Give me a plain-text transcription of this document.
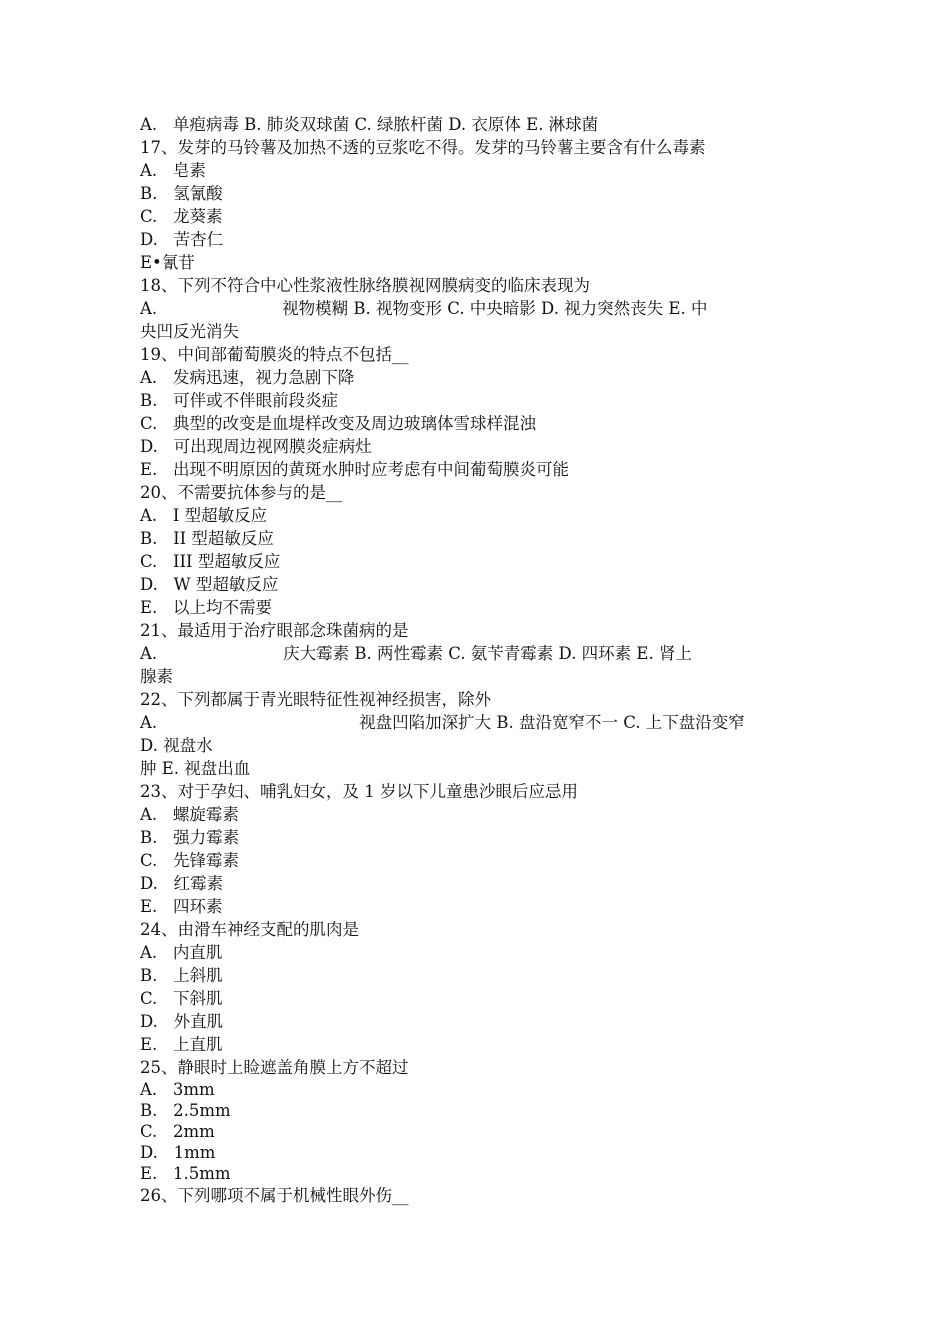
A.   单疱病毒 B. 肺炎双球菌 C. 绿脓杆菌 D. 衣原体 E. 淋球菌
17、发芽的马铃薯及加热不透的豆浆吃不得。发芽的马铃薯主要含有什么毒素
A.   皂素
B.   氢氰酸
C.   龙葵素
D.   苦杏仁
E•氰苷
18、下列不符合中心性浆液性脉络膜视网膜病变的临床表现为
A.	视物模糊 B. 视物变形 C. 中央暗影 D. 视力突然丧失 E. 中
央凹反光消失
19、中间部葡萄膜炎的特点不包括__
A.   发病迅速，视力急剧下降
B.   可伴或不伴眼前段炎症
C.   典型的改变是血堤样改变及周边玻璃体雪球样混浊
D.   可出现周边视网膜炎症病灶
E.   出现不明原因的黄斑水肿时应考虑有中间葡萄膜炎可能
20、不需要抗体参与的是__
A.   I 型超敏反应
B.   II 型超敏反应
C.   III 型超敏反应
D.   W 型超敏反应
E.   以上均不需要
21、最适用于治疗眼部念珠菌病的是
A.	庆大霉素 B. 两性霉素 C. 氨苄青霉素 D. 四环素 E. 肾上
腺素
22、下列都属于青光眼特征性视神经损害，除外
A.	视盘凹陷加深扩大 B. 盘沿宽窄不一 C. 上下盘沿变窄
D. 视盘水
肿 E. 视盘出血
23、对于孕妇、哺乳妇女，及 1 岁以下儿童患沙眼后应忌用
A.   螺旋霉素
B.   强力霉素
C.   先锋霉素
D.   红霉素
E.   四环素
24、由滑车神经支配的肌肉是
A.   内直肌
B.   上斜肌
C.   下斜肌
D.   外直肌
E.   上直肌
25、静眼时上睑遮盖角膜上方不超过
A.   3mm
B.   2.5mm
C.   2mm
D.   1mm
E.   1.5mm
26、下列哪项不属于机械性眼外伤__
